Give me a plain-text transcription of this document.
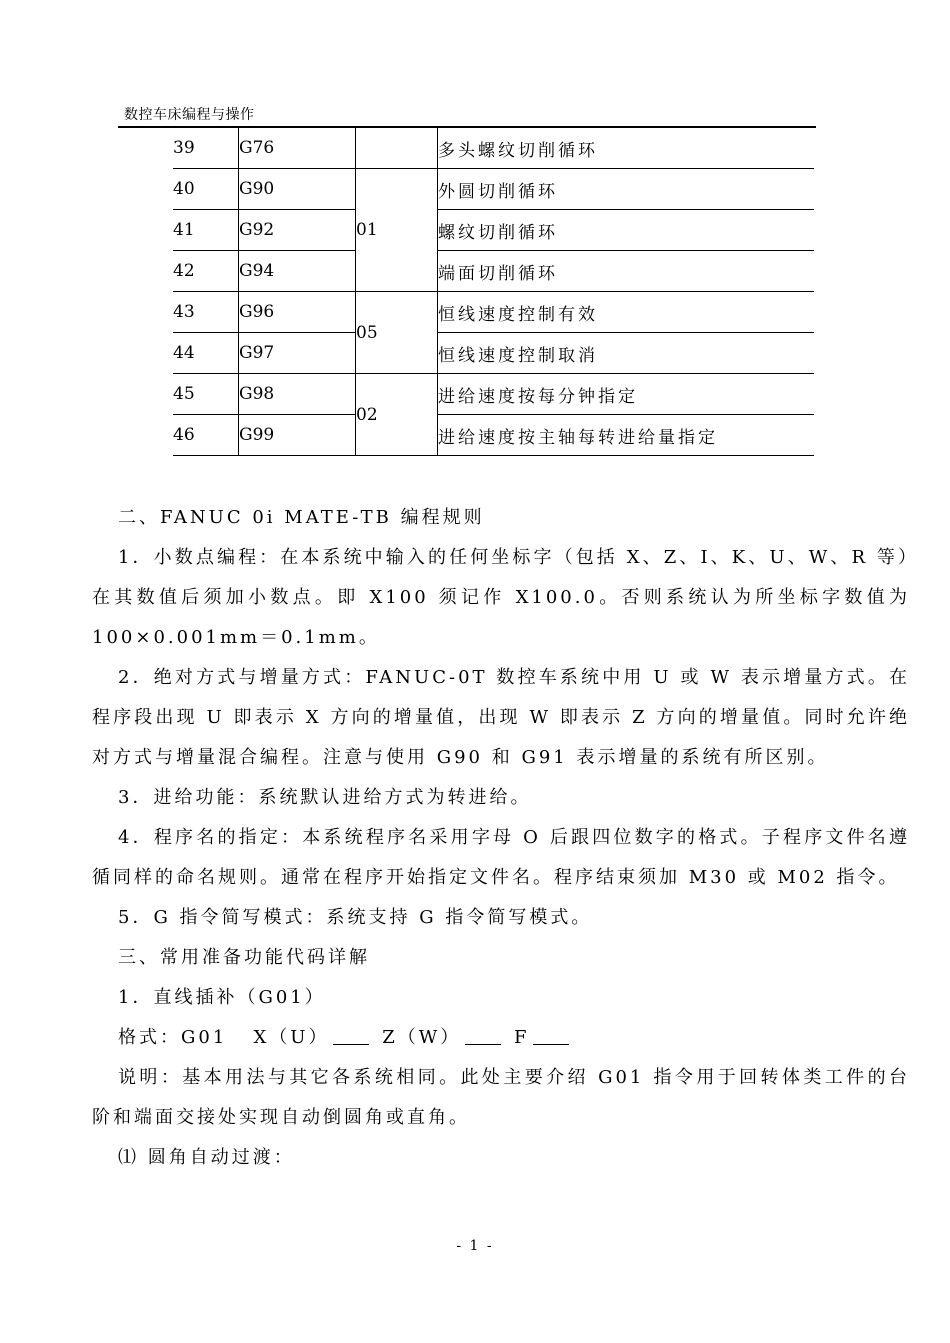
数控车床编程与操作
39	G76		多头螺纹切削循环
40	G90	01	外圆切削循环
41	G92		螺纹切削循环
42	G94		端面切削循环
43	G96	05	恒线速度控制有效
44	G97		恒线速度控制取消
45	G98	02	进给速度按每分钟指定
46	G99		进给速度按主轴每转进给量指定

二、FANUC 0i MATE-TB 编程规则

1．小数点编程：在本系统中输入的任何坐标字（包括 X、Z、I、K、U、W、R 等）在其数值后须加小数点。即 X100 须记作 X100.0。否则系统认为所坐标字数值为 100×0.001mm＝0.1mm。

2．绝对方式与增量方式：FANUC-0T 数控车系统中用 U 或 W 表示增量方式。在程序段出现 U 即表示 X 方向的增量值，出现 W 即表示 Z 方向的增量值。同时允许绝对方式与增量混合编程。注意与使用 G90 和 G91 表示增量的系统有所区别。

3．进给功能：系统默认进给方式为转进给。

4．程序名的指定：本系统程序名采用字母 O 后跟四位数字的格式。子程序文件名遵循同样的命名规则。通常在程序开始指定文件名。程序结束须加 M30 或 M02 指令。

5．G 指令简写模式：系统支持 G 指令简写模式。

三、常用准备功能代码详解

1．直线插补（G01）

格式：G01 X（U）	Z（W）	F

说明：基本用法与其它各系统相同。此处主要介绍 G01 指令用于回转体类工件的台阶和端面交接处实现自动倒圆角或直角。

⑴ 圆角自动过渡：

- 1 -
